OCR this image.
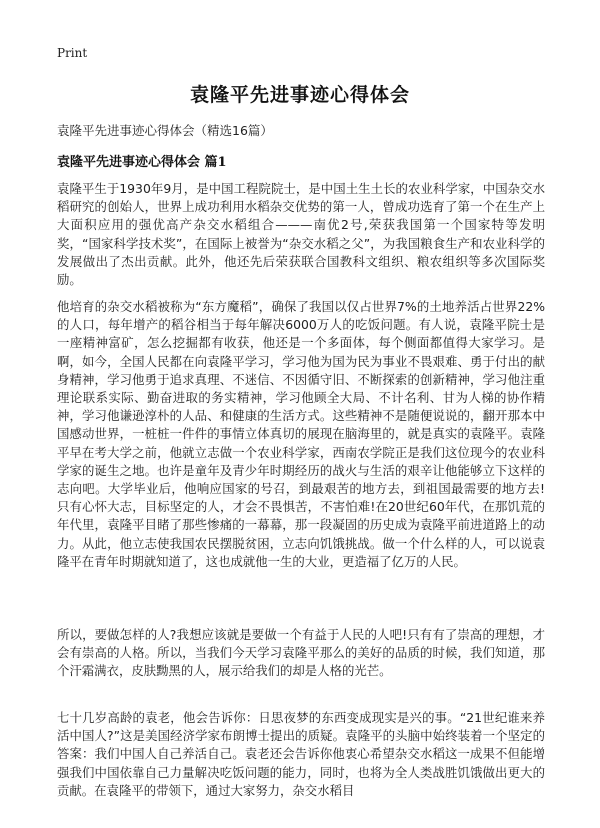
Print
袁隆平先进事迹心得体会
袁隆平先进事迹心得体会（精选16篇）
袁隆平先进事迹心得体会 篇1

袁隆平生于1930年9月，是中国工程院院士，是中国土生土长的农业科学家，中国杂交水稻研究的创始人，世界上成功利用水稻杂交优势的第一人，曾成功选育了第一个在生产上大面积应用的强优高产杂交水稻组合———南优2号,荣获我国第一个国家特等发明奖，“国家科学技术奖”，在国际上被誉为“杂交水稻之父”，为我国粮食生产和农业科学的发展做出了杰出贡献。此外，他还先后荣获联合国教科文组织、粮农组织等多次国际奖励。

他培育的杂交水稻被称为“东方魔稻”，确保了我国以仅占世界7%的土地养活占世界22%的人口，每年增产的稻谷相当于每年解决6000万人的吃饭问题。有人说，袁隆平院士是一座精神富矿，怎么挖掘都有收获，他还是一个多面体，每个侧面都值得大家学习。是啊，如今，全国人民都在向袁隆平学习，学习他为国为民为事业不畏艰难、勇于付出的献身精神，学习他勇于追求真理、不迷信、不因循守旧、不断探索的创新精神，学习他注重理论联系实际、勤奋进取的务实精神，学习他顾全大局、不计名利、甘为人梯的协作精神，学习他谦逊淳朴的人品、和健康的生活方式。这些精神不是随便说说的，翻开那本中国感动世界，一桩桩一件件的事情立体真切的展现在脑海里的，就是真实的袁隆平。袁隆平早在考大学之前，他就立志做一个农业科学家，西南农学院正是我们这位现今的农业科学家的诞生之地。也许是童年及青少年时期经历的战火与生活的艰辛让他能够立下这样的志向吧。大学毕业后，他响应国家的号召，到最艰苦的地方去，到祖国最需要的地方去!只有心怀大志，目标坚定的人，才会不畏惧苦，不害怕难!在20世纪60年代，在那饥荒的年代里，袁隆平目睹了那些惨痛的一幕幕，那一段凝固的历史成为袁隆平前进道路上的动力。从此，他立志使我国农民摆脱贫困，立志向饥饿挑战。做一个什么样的人，可以说袁隆平在青年时期就知道了，这也成就他一生的大业，更造福了亿万的人民。

所以，要做怎样的人?我想应该就是要做一个有益于人民的人吧!只有有了崇高的理想，才会有崇高的人格。所以，当我们今天学习袁隆平那么的美好的品质的时候，我们知道，那个汗霜满衣，皮肤黝黑的人，展示给我们的却是人格的光芒。

七十几岁高龄的袁老，他会告诉你：日思夜梦的东西变成现实是兴的事。“21世纪谁来养活中国人?”这是美国经济学家布朗博士提出的质疑。袁隆平的头脑中始终装着一个坚定的答案：我们中国人自己养活自己。袁老还会告诉你他衷心希望杂交水稻这一成果不但能增强我们中国依靠自己力量解决吃饭问题的能力，同时，也将为全人类战胜饥饿做出更大的贡献。在袁隆平的带领下，通过大家努力，杂交水稻目
